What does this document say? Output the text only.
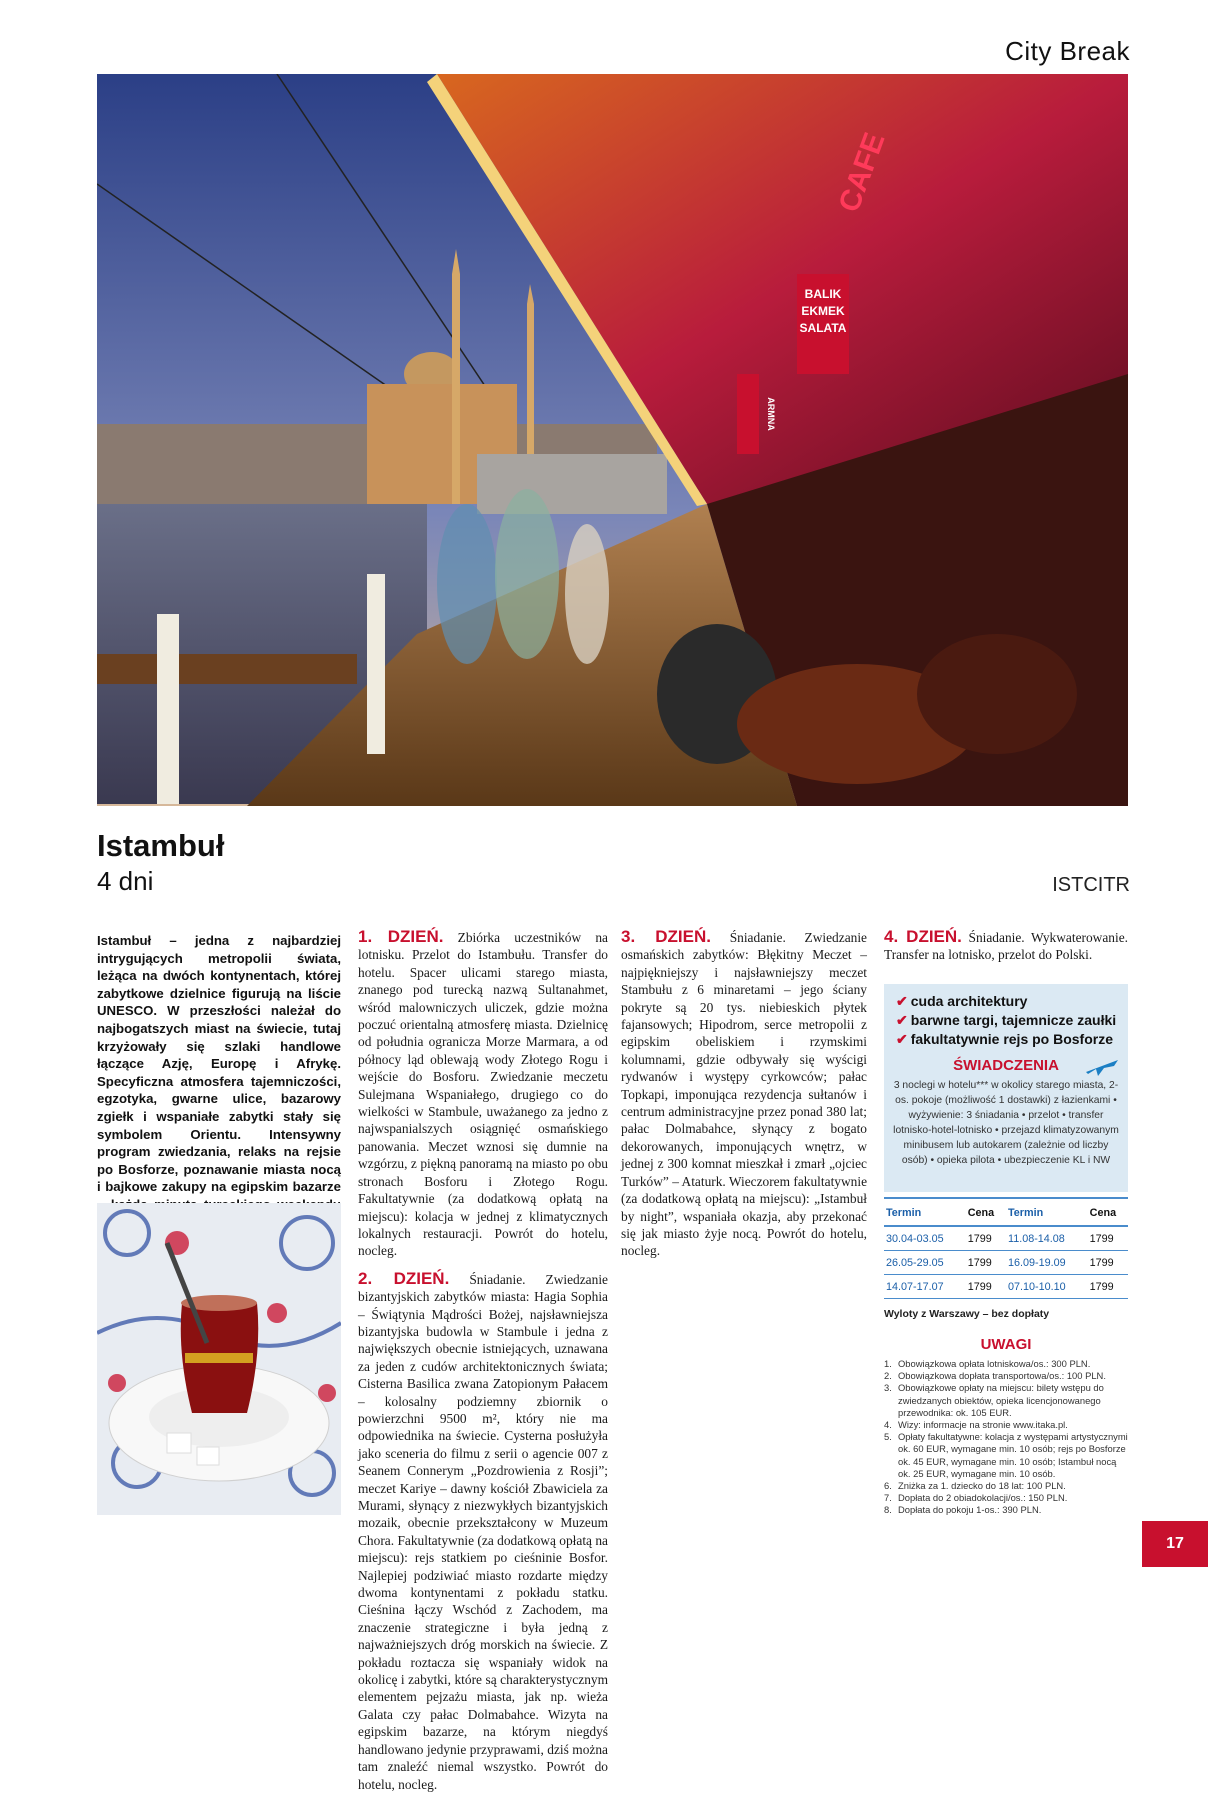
City Break
BALIK
EKMEK
SALATA
ARMNA
CAFE
Istambuł
4 dni	ISTCITR
Istambuł – jedna z najbardziej intrygujących metropolii świata, leżąca na dwóch kontynentach, której zabytkowe dzielnice figurują na liście UNESCO. W przeszłości należał do najbogatszych miast na świecie, tutaj krzyżowały się szlaki handlowe łączące Azję, Europę i Afrykę. Specyficzna atmosfera tajemniczości, egzotyka, gwarne ulice, bazarowy zgiełk i wspaniałe zabytki stały się symbolem Orientu. Intensywny program zwiedzania, relaks na rejsie po Bosforze, poznawanie miasta nocą i bajkowe zakupy na egipskim bazarze

1. DZIEŃ. Zbiórka uczestników na lotnisku. Przelot do Istambułu. Transfer do hotelu. Spacer ulicami starego miasta, znanego pod turecką nazwą Sultanahmet, wśród malowniczych uliczek, gdzie można poczuć orientalną atmosferę miasta. Dzielnicę od południa ogranicza Morze Marmara, a od północy ląd oblewają wody Złotego Rogu i wejście do Bosforu. Zwiedzanie meczetu Sulejmana Wspaniałego, drugiego co do wielkości w Stambule, uważanego za jedno z najwspanialszych osiągnięć osmańskiego panowania. Meczet wznosi się dumnie na wzgórzu, z piękną panoramą na miasto po obu stronach Bosforu i Złotego Rogu. Fakultatywnie (za dodatkową opłatą na miejscu): kolacja w jednej z klimatycznych lokalnych restauracji. Powrót do hotelu, nocleg.

2. DZIEŃ. Śniadanie. Zwiedzanie bizantyjskich zabytków miasta: Hagia Sophia – Świątynia Mądrości Bożej, najsławniejsza bizantyjska budowla w Stambule i jedna z największych obecnie istniejących, uznawana za jeden z cudów architektonicznych świata; Cisterna Basilica zwana Zatopionym Pałacem – kolosalny podziemny zbiornik o powierzchni 9500 m², który nie ma odpowiednika na świecie. Cysterna posłużyła jako sceneria do filmu z serii o agencie 007 z Seanem Connerym „Pozdrowienia z Rosji”; meczet Kariye – dawny kościół Zbawiciela za Murami, słynący z niezwykłych bizantyjskich mozaik, obecnie przekształcony w Muzeum Chora. Fakultatywnie (za dodatkową opłatą na miejscu): rejs statkiem po cieśninie Bosfor. Najlepiej podziwiać miasto rozdarte między dwoma kontynentami z pokładu statku. Cieśnina łączy Wschód z Zachodem, ma znaczenie strategiczne i była jedną z najważniejszych dróg morskich na świecie. Z pokładu roztacza się wspaniały widok na okolicę i zabytki, które są charakterystycznym elementem pejzażu miasta, jak np. wieża Galata czy pałac Dolmabahce. Wizyta na egipskim bazarze, na którym niegdyś handlowano jedynie przyprawami, dziś można tam znaleźć niemal wszystko. Powrót do hotelu, nocleg.

3. DZIEŃ. Śniadanie. Zwiedzanie osmańskich zabytków: Błękitny Meczet – najpiękniejszy i najsławniejszy meczet Stambułu z 6 minaretami – jego ściany pokryte są 20 tys. niebieskich płytek fajansowych; Hipodrom, serce metropolii z egipskim obeliskiem i rzymskimi kolumnami, gdzie odbywały się wyścigi rydwanów i występy cyrkowców; pałac Topkapi, imponująca rezydencja sułtanów i centrum administracyjne przez ponad 380 lat; pałac Dolmabahce, słynący z bogato dekorowanych, imponujących wnętrz, w jednej z 300 komnat mieszkał i zmarł „ojciec Turków” – Ataturk. Wieczorem fakultatywnie (za dodatkową opłatą na miejscu): „Istambuł by night”, wspaniała okazja, aby przekonać się jak miasto żyje nocą. Powrót do hotelu, nocleg.

4. DZIEŃ. Śniadanie. Wykwaterowanie. Transfer na lotnisko, przelot do Polski.

✔ cuda architektury
✔ barwne targi, tajemnicze zaułki
✔ fakultatywnie rejs po Bosforze
ŚWIADCZENIA
3 noclegi w hotelu*** w okolicy starego miasta, 2-os. pokoje (możliwość 1 dostawki) z łazienkami • wyżywienie: 3 śniadania • przelot • transfer lotnisko-hotel-lotnisko • przejazd klimatyzowanym minibusem lub autokarem (zależnie od liczby osób) • opieka pilota • ubezpieczenie KL i NW
Termin	Cena	Termin	Cena
30.04-03.05	1799	11.08-14.08	1799
26.05-29.05	1799	16.09-19.09	1799
14.07-17.07	1799	07.10-10.10	1799
Wyloty z Warszawy – bez dopłaty
UWAGI
1. Obowiązkowa opłata lotniskowa/os.: 300 PLN.
2. Obowiązkowa dopłata transportowa/os.: 100 PLN.
3. Obowiązkowe opłaty na miejscu: bilety wstępu do zwiedzanych obiektów, opieka licencjonowanego przewodnika: ok. 105 EUR.
4. Wizy: informacje na stronie www.itaka.pl.
5. Opłaty fakultatywne: kolacja z występami artystycznymi ok. 60 EUR, wymagane min. 10 osób; rejs po Bosforze ok. 45 EUR, wymagane min. 10 osób; Istambuł nocą ok. 25 EUR, wymagane min. 10 osób.
6. Zniżka za 1. dziecko do 18 lat: 100 PLN.
7. Dopłata do 2 obiadokolacji/os.: 150 PLN.
8. Dopłata do pokoju 1-os.: 390 PLN.
17
